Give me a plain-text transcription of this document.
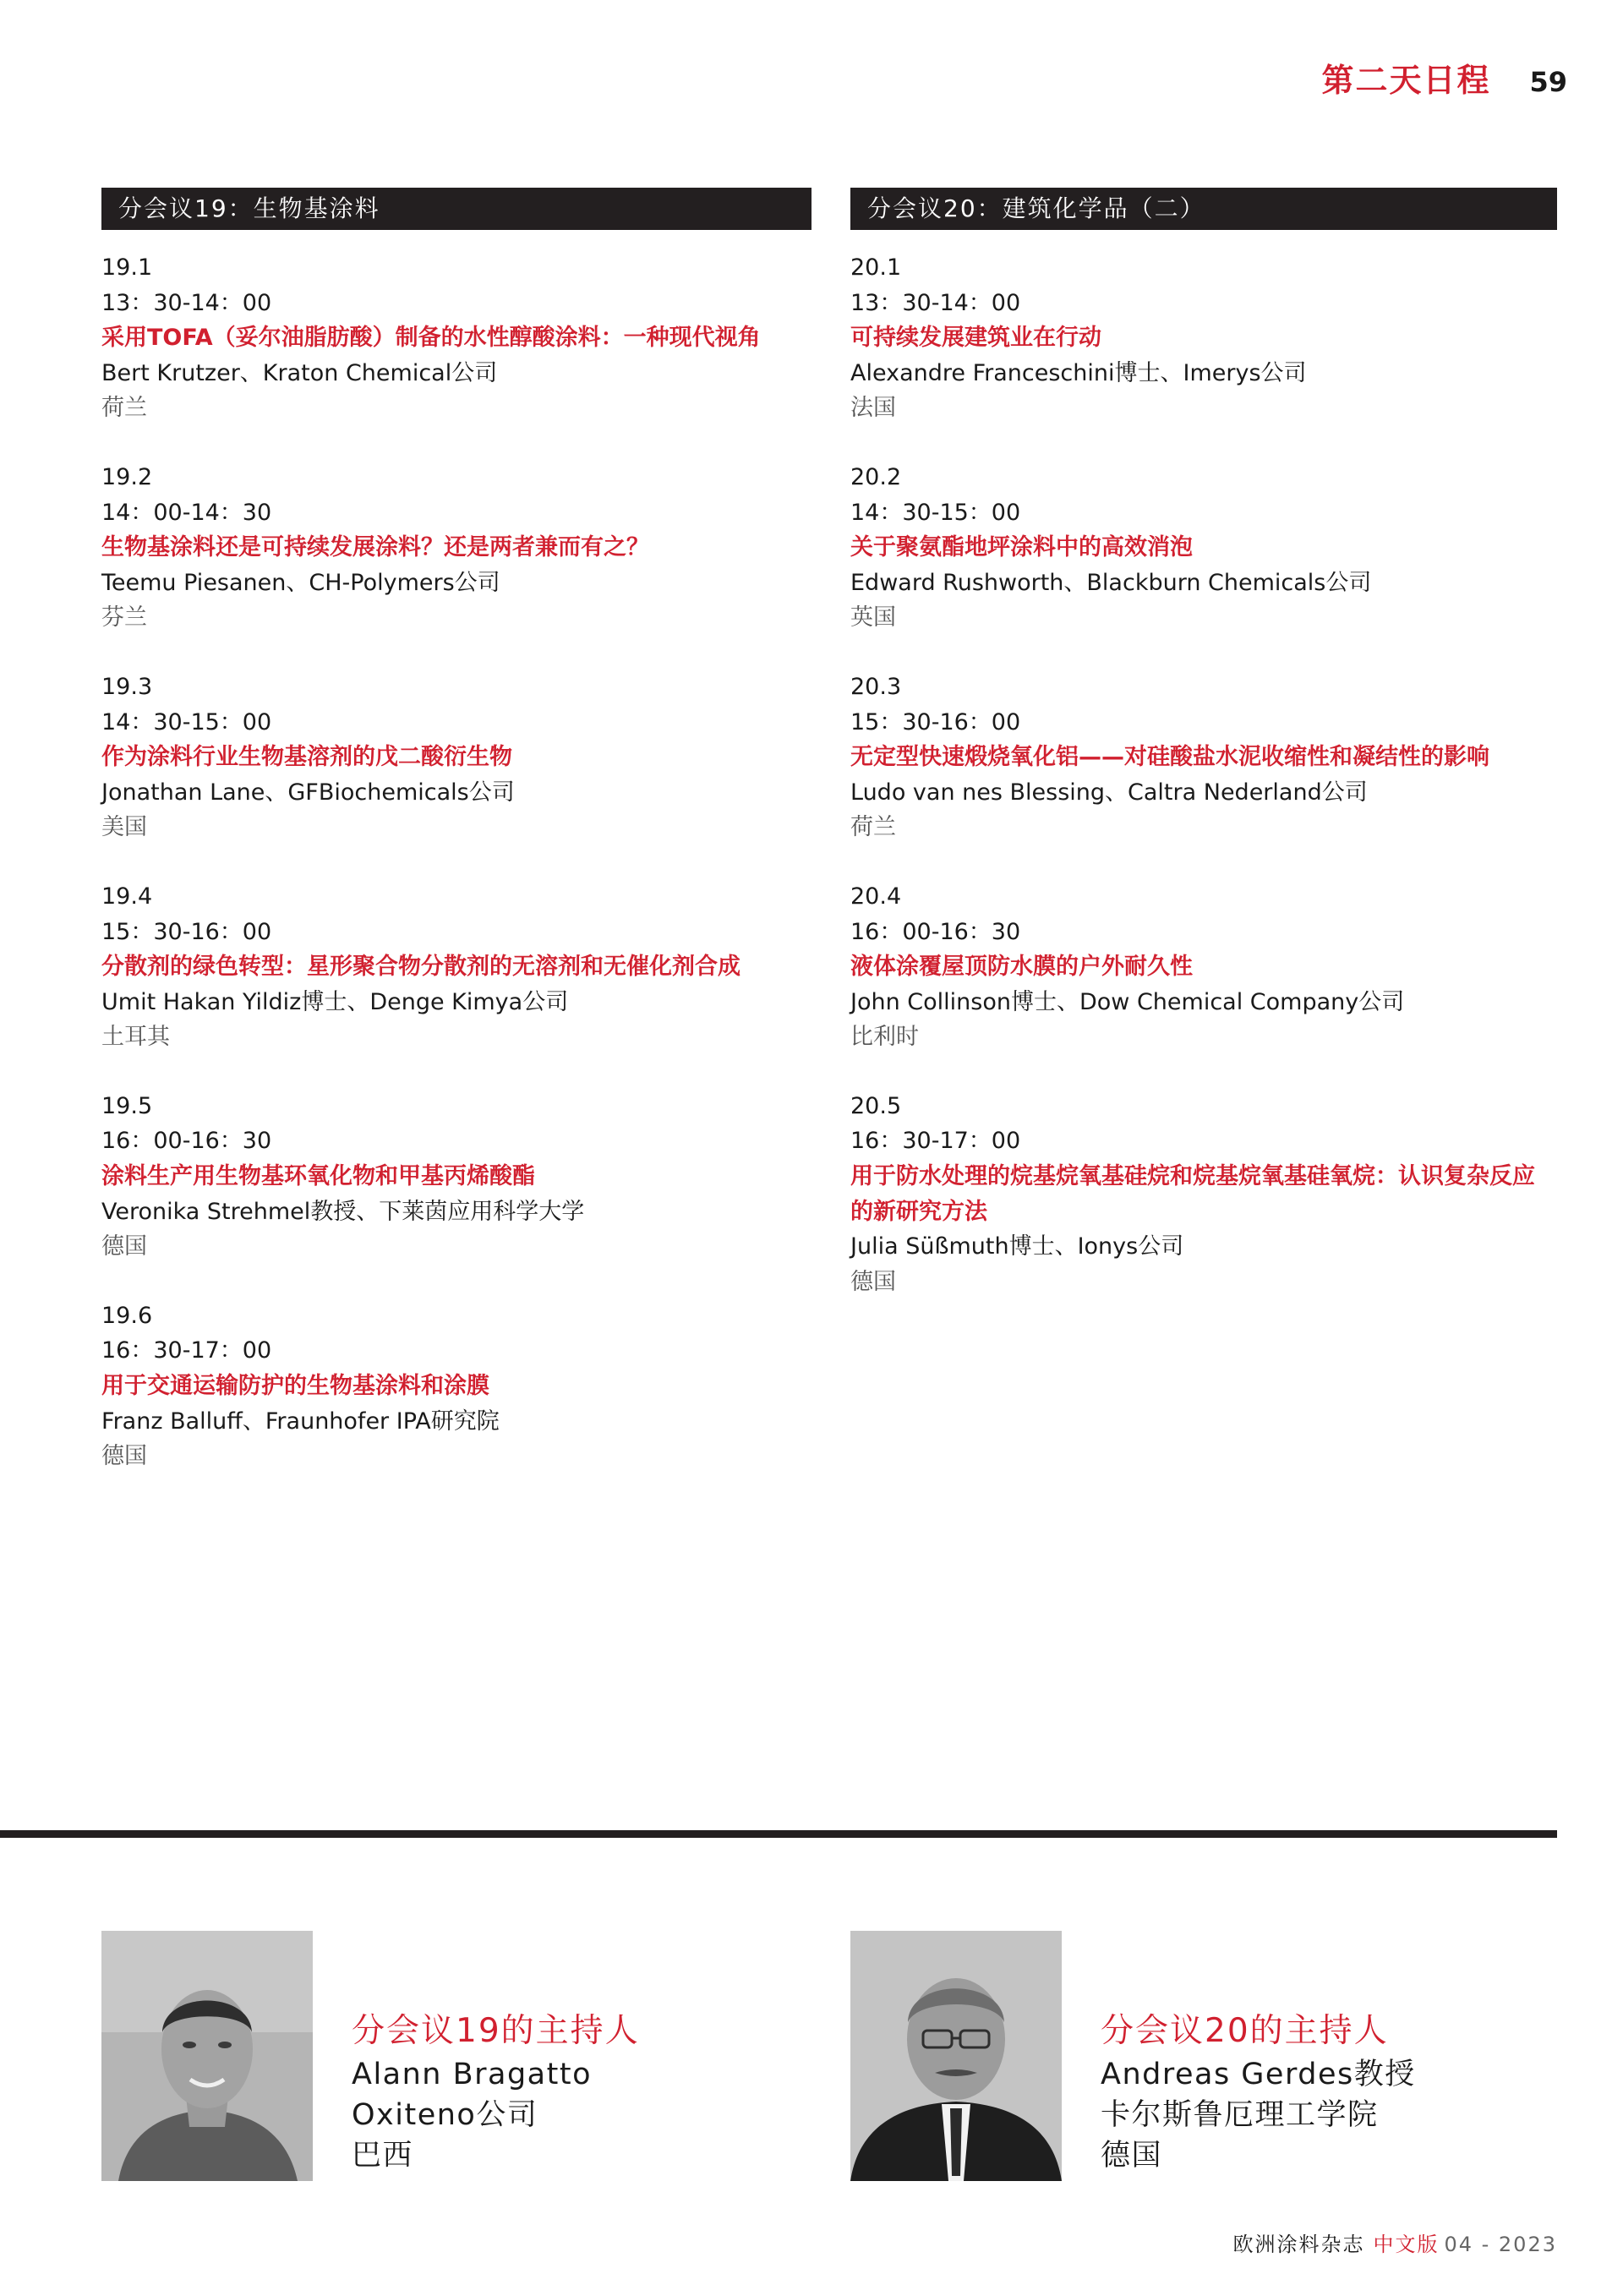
第二天日程 59
分会议19：生物基涂料
19.1
13：30-14：00
采用TOFA（妥尔油脂肪酸）制备的水性醇酸涂料：一种现代视角
Bert Krutzer、Kraton Chemical公司
荷兰
19.2
14：00-14：30
生物基涂料还是可持续发展涂料？还是两者兼而有之？
Teemu Piesanen、CH-Polymers公司
芬兰
19.3
14：30-15：00
作为涂料行业生物基溶剂的戊二酸衍生物
Jonathan Lane、GFBiochemicals公司
美国
19.4
15：30-16：00
分散剂的绿色转型：星形聚合物分散剂的无溶剂和无催化剂合成
Umit Hakan Yildiz博士、Denge Kimya公司
土耳其
19.5
16：00-16：30
涂料生产用生物基环氧化物和甲基丙烯酸酯
Veronika Strehmel教授、下莱茵应用科学大学
德国
19.6
16：30-17：00
用于交通运输防护的生物基涂料和涂膜
Franz Balluff、Fraunhofer IPA研究院
德国
分会议20：建筑化学品（二）
20.1
13：30-14：00
可持续发展建筑业在行动
Alexandre Franceschini博士、Imerys公司
法国
20.2
14：30-15：00
关于聚氨酯地坪涂料中的高效消泡
Edward Rushworth、Blackburn Chemicals公司
英国
20.3
15：30-16：00
无定型快速煅烧氧化铝——对硅酸盐水泥收缩性和凝结性的影响
Ludo van nes Blessing、Caltra Nederland公司
荷兰
20.4
16：00-16：30
液体涂覆屋顶防水膜的户外耐久性
John Collinson博士、Dow Chemical Company公司
比利时
20.5
16：30-17：00
用于防水处理的烷基烷氧基硅烷和烷基烷氧基硅氧烷：认识复杂反应的新研究方法
Julia Süßmuth博士、Ionys公司
德国
分会议19的主持人
Alann Bragatto
Oxiteno公司
巴西
分会议20的主持人
Andreas Gerdes教授
卡尔斯鲁厄理工学院
德国
欧洲涂料杂志 中文版 04 - 2023
